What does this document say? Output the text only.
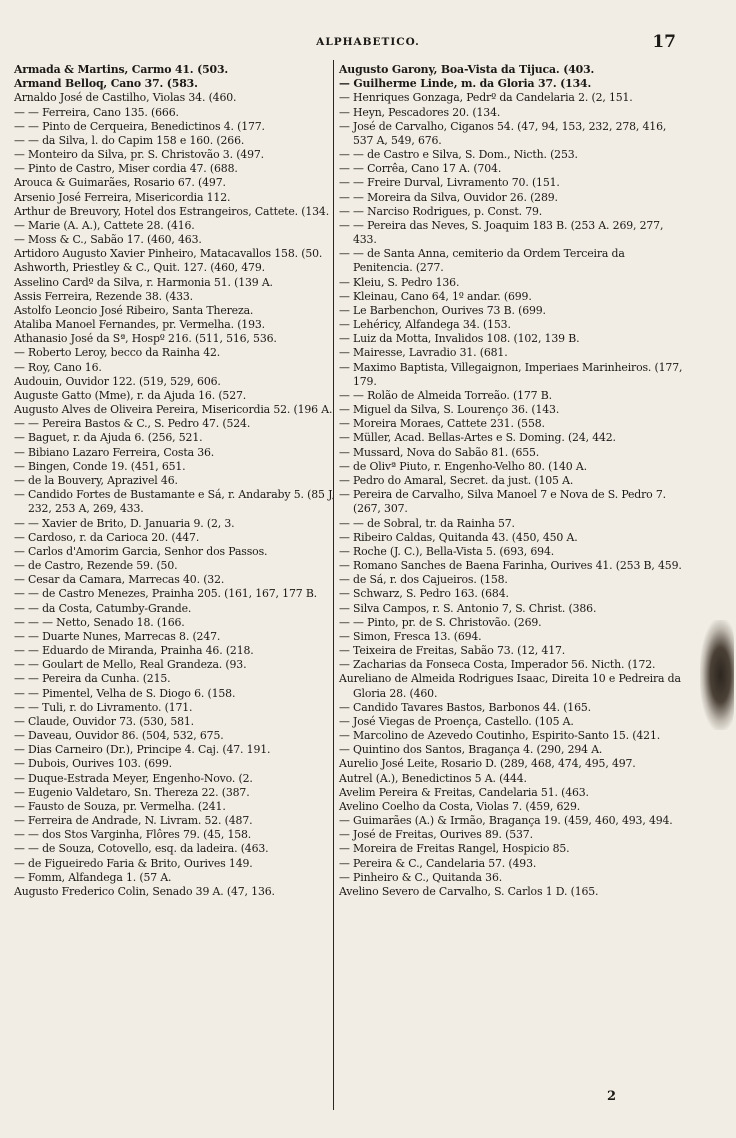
ALPHABETICO.	17

Armada & Martins, Carmo 41. (503.

Armand Belloq, Cano 37. (583.

Arnaldo José de Castilho, Violas 34. (460.

— — Ferreira, Cano 135. (666.

— — Pinto de Cerqueira, Benedictinos 4. (177.

— — da Silva, l. do Capim 158 e 160. (266.

— Monteiro da Silva, pr. S. Christovão 3. (497.

— Pinto de Castro, Miser cordia 47. (688.

Arouca & Guimarães, Rosario 67. (497.

Arsenio José Ferreira, Misericordia 112.

Arthur de Breuvory, Hotel dos Estrangeiros, Cattete. (134.

— Marie (A. A.), Cattete 28. (416.

— Moss & C., Sabão 17. (460, 463.

Artidoro Augusto Xavier Pinheiro, Matacavallos 158. (50.

Ashworth, Priestley & C., Quit. 127. (460, 479.

Asselino Cardº da Silva, r. Harmonia 51. (139 A.

Assis Ferreira, Rezende 38. (433.

Astolfo Leoncio José Ribeiro, Santa Thereza.

Ataliba Manoel Fernandes, pr. Vermelha. (193.

Athanasio José da Sª, Hospº 216. (511, 516, 536.

— Roberto Leroy, becco da Rainha 42.

— Roy, Cano 16.

Audouin, Ouvidor 122. (519, 529, 606.

Auguste Gatto (Mme), r. da Ajuda 16. (527.

Augusto Alves de Oliveira Pereira, Misericordia 52. (196 A.

— — Pereira Bastos & C., S. Pedro 47. (524.

— Baguet, r. da Ajuda 6. (256, 521.

— Bibiano Lazaro Ferreira, Costa 36.

— Bingen, Conde 19. (451, 651.

— de la Bouvery, Aprazivel 46.

— Candido Fortes de Bustamante e Sá, r. Andaraby 5. (85 J, 232, 253 A, 269, 433.

— — Xavier de Brito, D. Januaria 9. (2, 3.

— Cardoso, r. da Carioca 20. (447.

— Carlos d'Amorim Garcia, Senhor dos Passos.

— de Castro, Rezende 59. (50.

— Cesar da Camara, Marrecas 40. (32.

— — de Castro Menezes, Prainha 205. (161, 167, 177 B.

— — da Costa, Catumby-Grande.

— — — Netto, Senado 18. (166.

— — Duarte Nunes, Marrecas 8. (247.

— — Eduardo de Miranda, Prainha 46. (218.

— — Goulart de Mello, Real Grandeza. (93.

— — Pereira da Cunha. (215.

— — Pimentel, Velha de S. Diogo 6. (158.

— — Tuli, r. do Livramento. (171.

— Claude, Ouvidor 73. (530, 581.

— Daveau, Ouvidor 86. (504, 532, 675.

— Dias Carneiro (Dr.), Principe 4. Caj. (47. 191.

— Dubois, Ourives 103. (699.

— Duque-Estrada Meyer, Engenho-Novo. (2.

— Eugenio Valdetaro, Sn. Thereza 22. (387.

— Fausto de Souza, pr. Vermelha. (241.

— Ferreira de Andrade, N. Livram. 52. (487.

— — dos Stos Varginha, Flôres 79. (45, 158.

— — de Souza, Cotovello, esq. da ladeira. (463.

— de Figueiredo Faria & Brito, Ourives 149.

— Fomm, Alfandega 1. (57 A.

Augusto Frederico Colin, Senado 39 A. (47, 136.

Augusto Garony, Boa-Vista da Tijuca. (403.

— Guilherme Linde, m. da Gloria 37. (134.

— Henriques Gonzaga, Pedrº da Candelaria 2. (2, 151.

— Heyn, Pescadores 20. (134.

— José de Carvalho, Ciganos 54. (47, 94, 153, 232, 278, 416, 537 A, 549, 676.

— — de Castro e Silva, S. Dom., Nicth. (253.

— — Corrêa, Cano 17 A. (704.

— — Freire Durval, Livramento 70. (151.

— — Moreira da Silva, Ouvidor 26. (289.

— — Narciso Rodrigues, p. Const. 79.

— — Pereira das Neves, S. Joaquim 183 B. (253 A. 269, 277, 433.

— — de Santa Anna, cemiterio da Ordem Terceira da Penitencia. (277.

— Kleiu, S. Pedro 136.

— Kleinau, Cano 64, 1º andar. (699.

— Le Barbenchon, Ourives 73 B. (699.

— Lehéricy, Alfandega 34. (153.

— Luiz da Motta, Invalidos 108. (102, 139 B.

— Mairesse, Lavradio 31. (681.

— Maximo Baptista, Villegaignon, Imperiaes Marinheiros. (177, 179.

— — Rolão de Almeida Torreão. (177 B.

— Miguel da Silva, S. Lourenço 36. (143.

— Moreira Moraes, Cattete 231. (558.

— Müller, Acad. Bellas-Artes e S. Doming. (24, 442.

— Mussard, Nova do Sabão 81. (655.

— de Olivª Piuto, r. Engenho-Velho 80. (140 A.

— Pedro do Amaral, Secret. da just. (105 A.

— Pereira de Carvalho, Silva Manoel 7 e Nova de S. Pedro 7. (267, 307.

— — de Sobral, tr. da Rainha 57.

— Ribeiro Caldas, Quitanda 43. (450, 450 A.

— Roche (J. C.), Bella-Vista 5. (693, 694.

— Romano Sanches de Baena Farinha, Ourives 41. (253 B, 459.

— de Sá, r. dos Cajueiros. (158.

— Schwarz, S. Pedro 163. (684.

— Silva Campos, r. S. Antonio 7, S. Christ. (386.

— — Pinto, pr. de S. Christovão. (269.

— Simon, Fresca 13. (694.

— Teixeira de Freitas, Sabão 73. (12, 417.

— Zacharias da Fonseca Costa, Imperador 56. Nicth. (172.

Aureliano de Almeida Rodrigues Isaac, Direita 10 e Pedreira da Gloria 28. (460.

— Candido Tavares Bastos, Barbonos 44. (165.

— José Viegas de Proença, Castello. (105 A.

— Marcolino de Azevedo Coutinho, Espirito-Santo 15. (421.

— Quintino dos Santos, Bragança 4. (290, 294 A.

Aurelio José Leite, Rosario D. (289, 468, 474, 495, 497.

Autrel (A.), Benedictinos 5 A. (444.

Avelim Pereira & Freitas, Candelaria 51. (463.

Avelino Coelho da Costa, Violas 7. (459, 629.

— Guimarães (A.) & Irmão, Bragança 19. (459, 460, 493, 494.

— José de Freitas, Ourives 89. (537.

— Moreira de Freitas Rangel, Hospicio 85.

— Pereira & C., Candelaria 57. (493.

— Pinheiro & C., Quitanda 36.

Avelino Severo de Carvalho, S. Carlos 1 D. (165.

2
